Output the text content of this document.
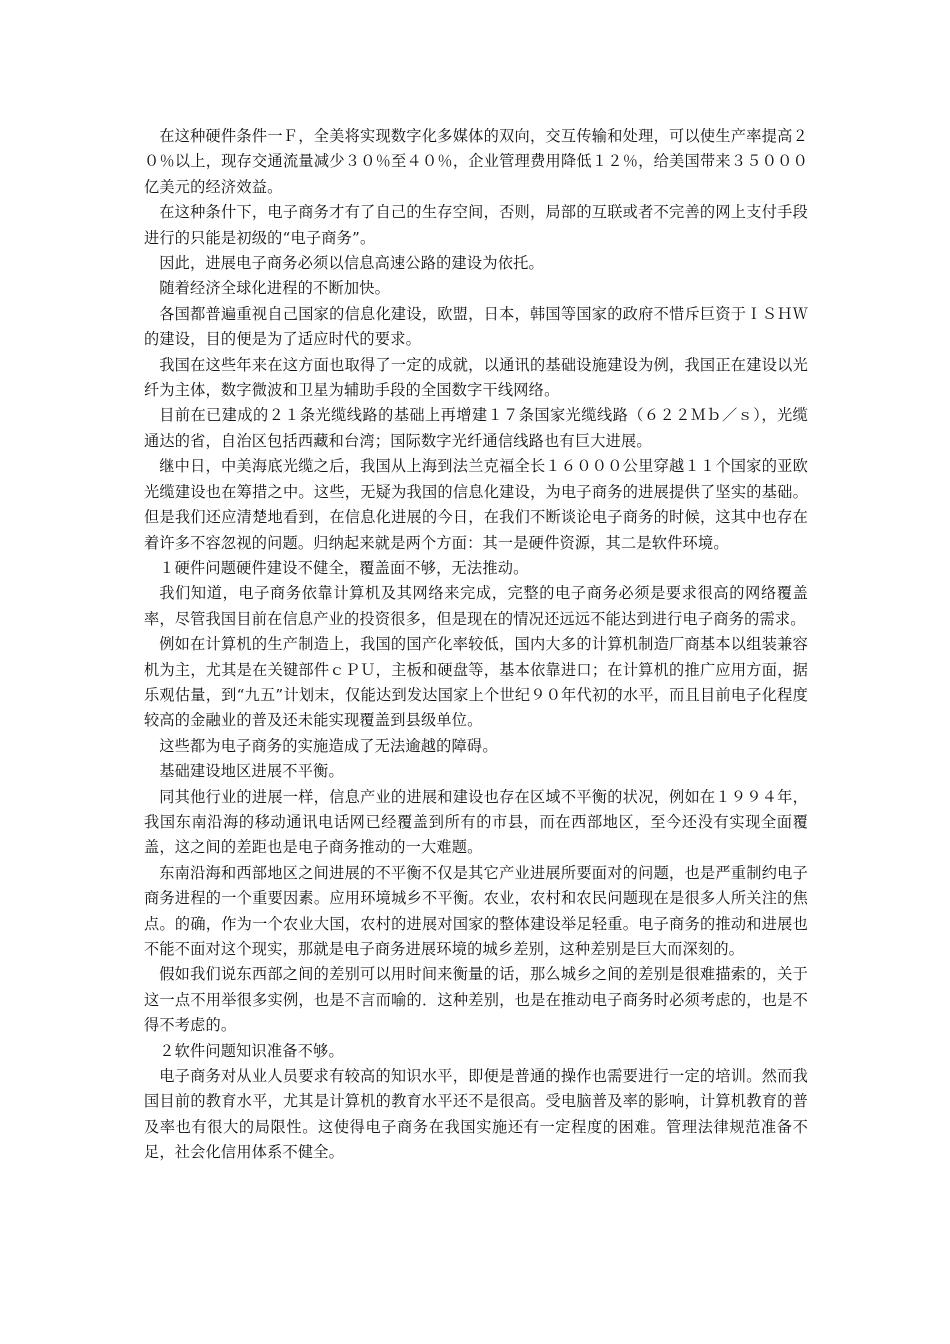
在这种硬件条件一Ｆ，全美将实现数字化多媒体的双向，交互传输和处理，可以使生产率提高２０％以上，现存交通流量减少３０％至４０％，企业管理费用降低１２％，给美国带来３５０００亿美元的经济效益。

在这种条什下，电子商务才有了自己的生存空间，否则，局部的互联或者不完善的网上支付手段进行的只能是初级的“电子商务”。

因此，进展电子商务必须以信息高速公路的建设为依托。

随着经济全球化进程的不断加快。

各国都普遍重视自己国家的信息化建设，欧盟，日本，韩国等国家的政府不惜斥巨资于ＩＳＨＷ的建设，目的便是为了适应时代的要求。

我国在这些年来在这方面也取得了一定的成就，以通讯的基础设施建设为例，我国正在建设以光纤为主体，数字微波和卫星为辅助手段的全国数字干线网络。

目前在已建成的２１条光缆线路的基础上再增建１７条国家光缆线路（６２２Ｍｂ／ｓ），光缆通达的省，自治区包括西藏和台湾；国际数字光纤通信线路也有巨大进展。

继中日，中美海底光缆之后，我国从上海到法兰克福全长１６０００公里穿越１１个国家的亚欧光缆建设也在筹措之中。这些，无疑为我国的信息化建设，为电子商务的进展提供了坚实的基础。但是我们还应清楚地看到，在信息化进展的今日，在我们不断谈论电子商务的时候，这其中也存在着许多不容忽视的问题。归纳起来就是两个方面：其一是硬件资源，其二是软件环境。

１硬件问题硬件建设不健全，覆盖面不够，无法推动。

我们知道，电子商务依靠计算机及其网络来完成，完整的电子商务必须是要求很高的网络覆盖率，尽管我国目前在信息产业的投资很多，但是现在的情况还远远不能达到进行电子商务的需求。

例如在计算机的生产制造上，我国的国产化率较低，国内大多的计算机制造厂商基本以组装兼容机为主，尤其是在关键部件ｃＰＵ，主板和硬盘等，基本依靠进口；在计算机的推广应用方面，据乐观估量，到“九五”计划末，仅能达到发达国家上个世纪９０年代初的水平，而且目前电子化程度较高的金融业的普及还未能实现覆盖到县级单位。

这些都为电子商务的实施造成了无法逾越的障碍。

基础建设地区进展不平衡。

同其他行业的进展一样，信息产业的进展和建设也存在区域不平衡的状况，例如在１９９４年，我国东南沿海的移动通讯电话网已经覆盖到所有的市县，而在西部地区，至今还没有实现全面覆盖，这之间的差距也是电子商务推动的一大难题。

东南沿海和西部地区之间进展的不平衡不仅是其它产业进展所要面对的问题，也是严重制约电子商务进程的一个重要因素。应用环境城乡不平衡。农业，农村和农民问题现在是很多人所关注的焦点。的确，作为一个农业大国，农村的进展对国家的整体建设举足轻重。电子商务的推动和进展也不能不面对这个现实，那就是电子商务进展环境的城乡差别，这种差别是巨大而深刻的。

假如我们说东西部之间的差别可以用时间来衡量的话，那么城乡之间的差别是很难描索的，关于这一点不用举很多实例，也是不言而喻的．这种差别，也是在推动电子商务时必须考虑的，也是不得不考虑的。

２软件问题知识准备不够。

电子商务对从业人员要求有较高的知识水平，即便是普通的操作也需要进行一定的培训。然而我国目前的教育水平，尤其是计算机的教育水平还不是很高。受电脑普及率的影响，计算机教育的普及率也有很大的局限性。这使得电子商务在我国实施还有一定程度的困难。管理法律规范准备不足，社会化信用体系不健全。
